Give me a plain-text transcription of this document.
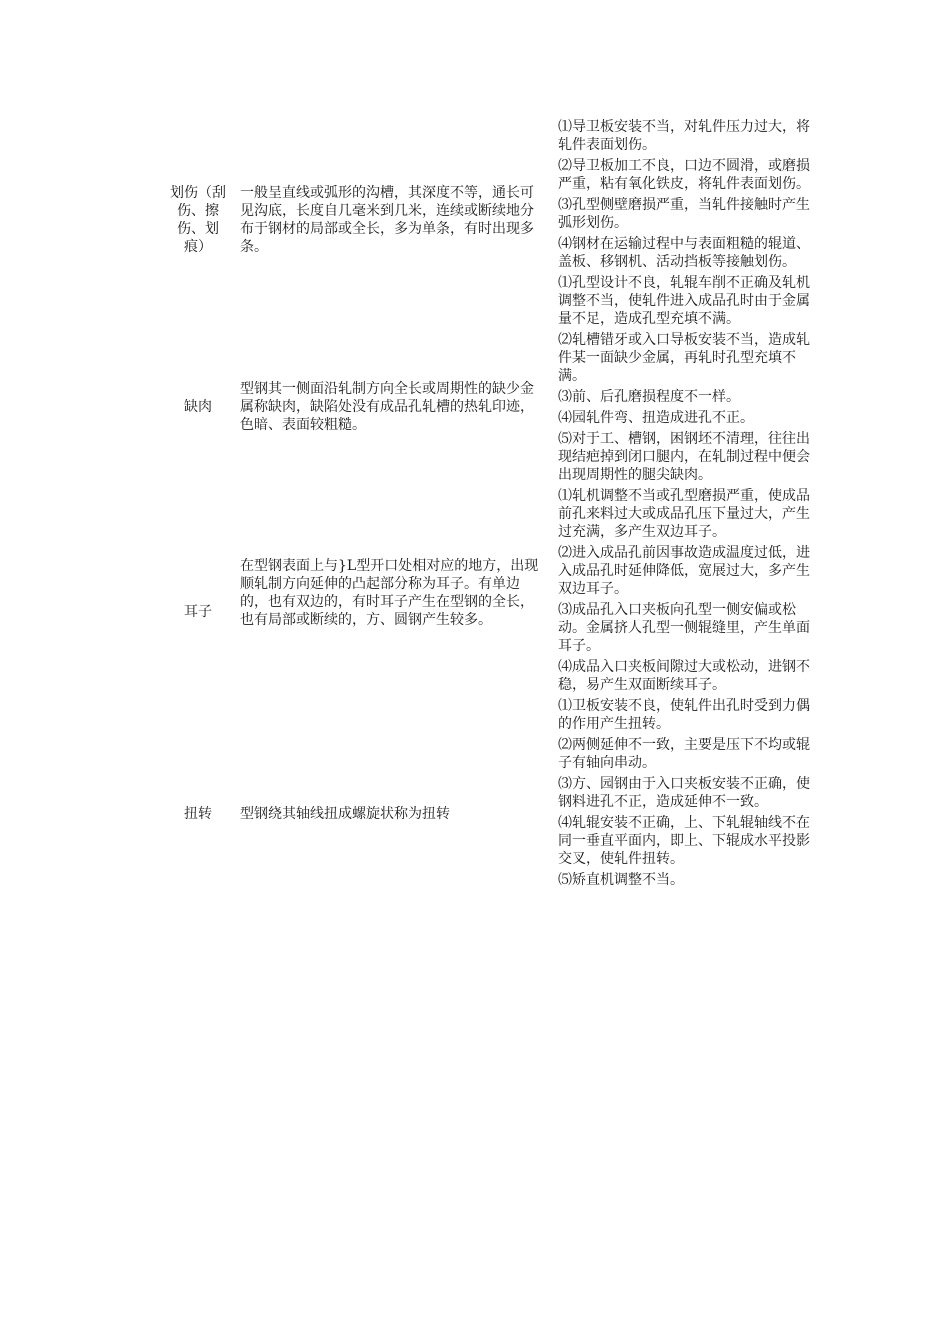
划伤（刮
伤、擦
伤、划
痕）
一般呈直线或弧形的沟槽，其深度不等，通长可见沟底，长度自几毫米到几米，连续或断续地分布于钢材的局部或全长，多为单条，有时出现多条。

⑴导卫板安装不当，对轧件压力过大，将轧件表面划伤。

⑵导卫板加工不良，口边不圆滑，或磨损严重，粘有氧化铁皮，将轧件表面划伤。

⑶孔型侧壁磨损严重，当轧件接触时产生弧形划伤。

⑷钢材在运输过程中与表面粗糙的辊道、盖板、移钢机、活动挡板等接触划伤。

缺肉
型钢其一侧面沿轧制方向全长或周期性的缺少金属称缺肉，缺陷处没有成品孔轧槽的热轧印迹，色暗、表面较粗糙。

⑴孔型设计不良，轧辊车削不正确及轧机调整不当，使轧件进入成品孔时由于金属量不足，造成孔型充填不满。

⑵轧槽错牙或入口导板安装不当，造成轧件某一面缺少金属，再轧时孔型充填不满。

⑶前、后孔磨损程度不一样。

⑷园轧件弯、扭造成进孔不正。

⑸对于工、槽钢，困钢坯不清理，往往出现结疤掉到闭口腿内，在轧制过程中便会出现周期性的腿尖缺肉。

耳子
在型钢表面上与}L型开口处相对应的地方，出现顺轧制方向延伸的凸起部分称为耳子。有单边的，也有双边的，有时耳子产生在型钢的全长，也有局部或断续的，方、圆钢产生较多。

⑴轧机调整不当或孔型磨损严重，使成品前孔来料过大或成品孔压下量过大，产生过充满，多产生双边耳子。

⑵进入成品孔前因事故造成温度过低，进入成品孔时延伸降低，宽展过大，多产生双边耳子。

⑶成品孔入口夹板向孔型一侧安偏或松动。金属挤人孔型一侧辊缝里，产生单面耳子。

⑷成品入口夹板间隙过大或松动，进钢不稳，易产生双面断续耳子。

扭转	型钢绕其轴线扭成螺旋状称为扭转

⑴卫板安装不良，使轧件出孔时受到力偶的作用产生扭转。

⑵两侧延伸不一致，主要是压下不均或辊子有轴向串动。

⑶方、园钢由于入口夹板安装不正确，使钢料进孔不正，造成延伸不一致。

⑷轧辊安装不正确，上、下轧辊轴线不在同一垂直平面内，即上、下辊成水平投影交叉，使轧件扭转。

⑸矫直机调整不当。
